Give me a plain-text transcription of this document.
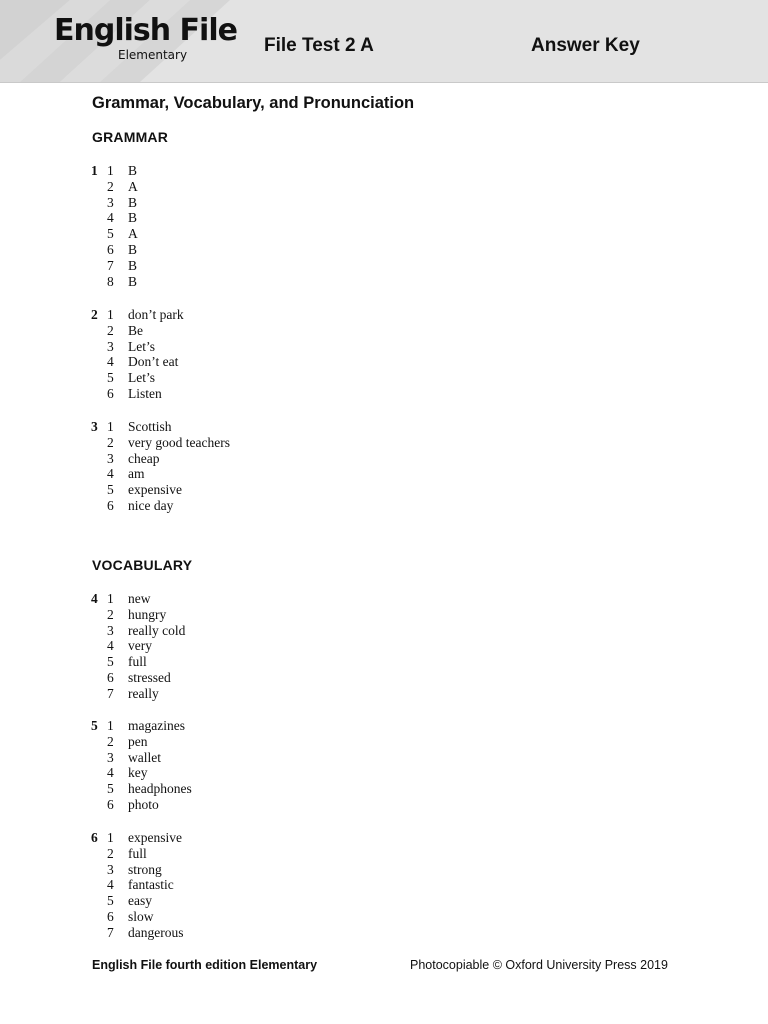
English File
Elementary	File Test 2 A	Answer Key
Grammar, Vocabulary, and Pronunciation
GRAMMAR
1 1 B
2 A
3 B
4 B
5 A
6 B
7 B
8 B
2 1 don’t park
2 Be
3 Let’s
4 Don’t eat
5 Let’s
6 Listen
3 1 Scottish
2 very good teachers
3 cheap
4 am
5 expensive
6 nice day
VOCABULARY
4 1 new
2 hungry
3 really cold
4 very
5 full
6 stressed
7 really
5 1 magazines
2 pen
3 wallet
4 key
5 headphones
6 photo
6 1 expensive
2 full
3 strong
4 fantastic
5 easy
6 slow
7 dangerous
English File fourth edition Elementary	Photocopiable © Oxford University Press 2019
